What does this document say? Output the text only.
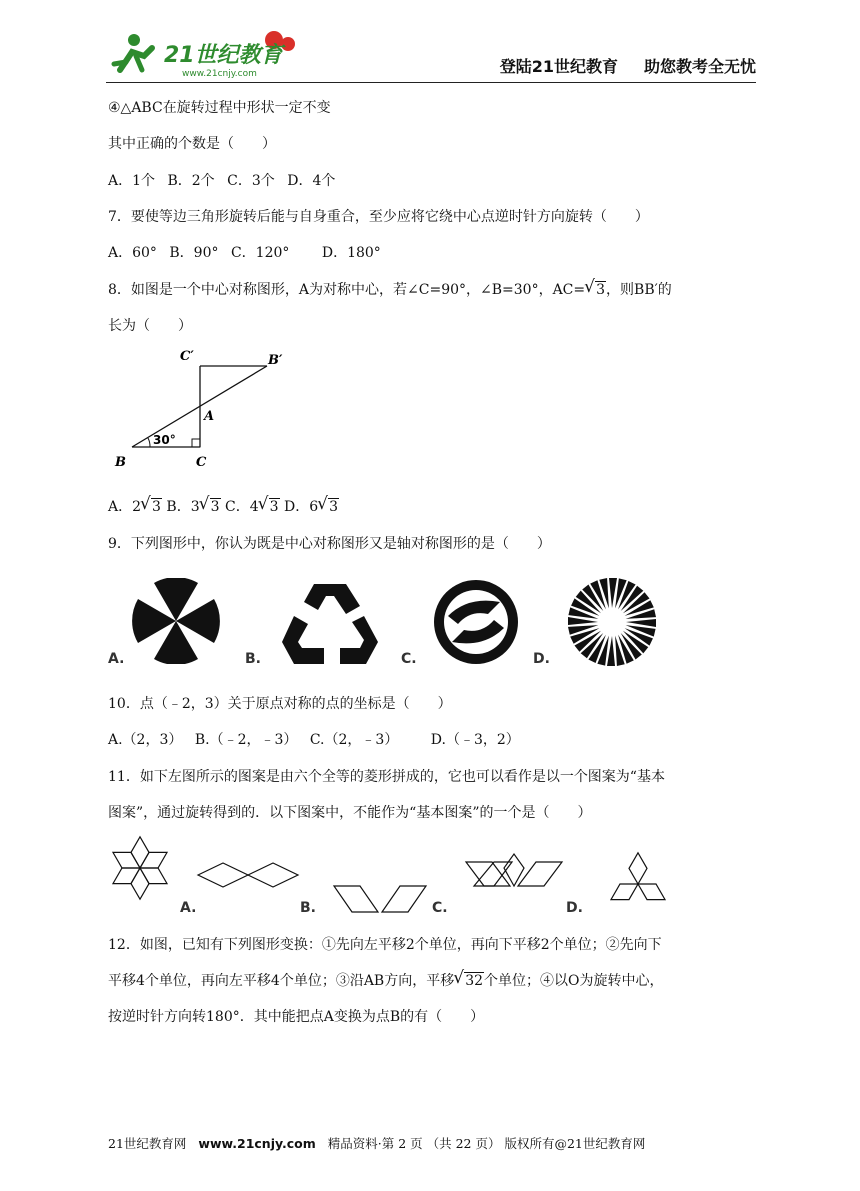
21世纪教育
www.21cnjy.com	登陆21世纪教育 助您教考全无忧
④△ABC在旋转过程中形状一定不变
其中正确的个数是（　　）
A．1个 B．2个 C．3个 D．4个
7．要使等边三角形旋转后能与自身重合，至少应将它绕中心点逆时针方向旋转（　　）
A．60° B．90° C．120° D．180°
8．如图是一个中心对称图形，A为对称中心，若∠C=90°，∠B=30°，AC= √ 3，则BB′的
长为（　　）
C′	B′
A
B	C
30°
A．2 √ 3 B．3 √ 3 C．4 √ 3 D．6 √ 3
9．下列图形中，你认为既是中心对称图形又是轴对称图形的是（　　）
A.	B.	C.	D.
10．点（﹣2，3）关于原点对称的点的坐标是（　　）
A.（2，3） B.（﹣2，﹣3） C.（2，﹣3） D.（﹣3，2）
11．如下左图所示的图案是由六个全等的菱形拼成的，它也可以看作是以一个图案为“基本
图案”，通过旋转得到的．以下图案中，不能作为“基本图案”的一个是（　　）
A.	B.	C.	D.
12．如图，已知有下列图形变换：①先向左平移2个单位，再向下平移2个单位；②先向下
平移4个单位，再向左平移4个单位；③沿AB方向，平移 √ 32个单位；④以O为旋转中心，
按逆时针方向转180°．其中能把点A变换为点B的有（　　）
21世纪教育网 www.21cnjy.com 精品资料·第 2 页 （共 22 页） 版权所有@21世纪教育网
